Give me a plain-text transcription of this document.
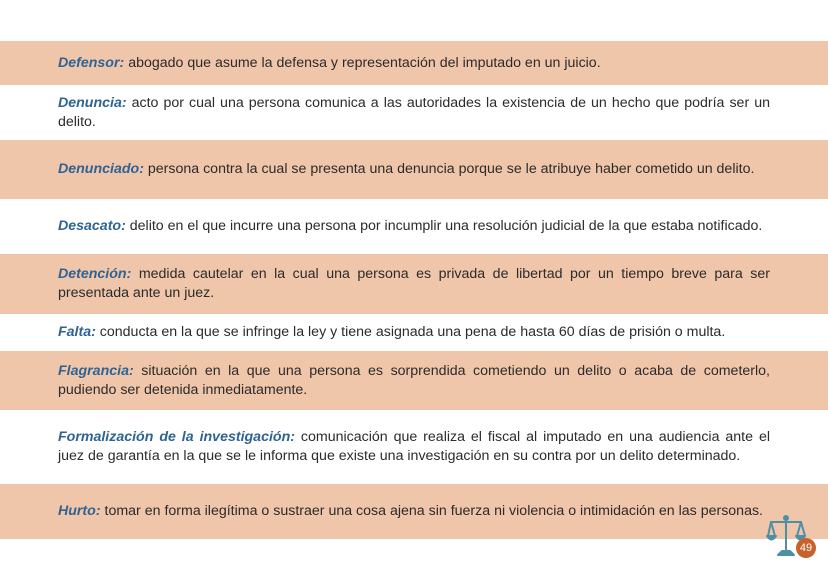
Defensor: abogado que asume la defensa y representación del imputado en un juicio.

Denuncia: acto por cual una persona comunica a las autoridades la existencia de un hecho que podría ser un delito.

Denunciado: persona contra la cual se presenta una denuncia porque se le atribuye haber cometido un delito.

Desacato: delito en el que incurre una persona por incumplir una resolución judicial de la que estaba notificado.

Detención: medida cautelar en la cual una persona es privada de libertad por un tiempo breve para ser presentada ante un juez.

Falta: conducta en la que se infringe la ley y tiene asignada una pena de hasta 60 días de prisión o multa.

Flagrancia: situación en la que una persona es sorprendida cometiendo un delito o acaba de cometerlo, pudiendo ser detenida inmediatamente.

Formalización de la investigación: comunicación que realiza el fiscal al imputado en una audiencia ante el juez de garantía en la que se le informa que existe una investigación en su contra por un delito determinado.

Hurto: tomar en forma ilegítima o sustraer una cosa ajena sin fuerza ni violencia o intimidación en las personas.

49
